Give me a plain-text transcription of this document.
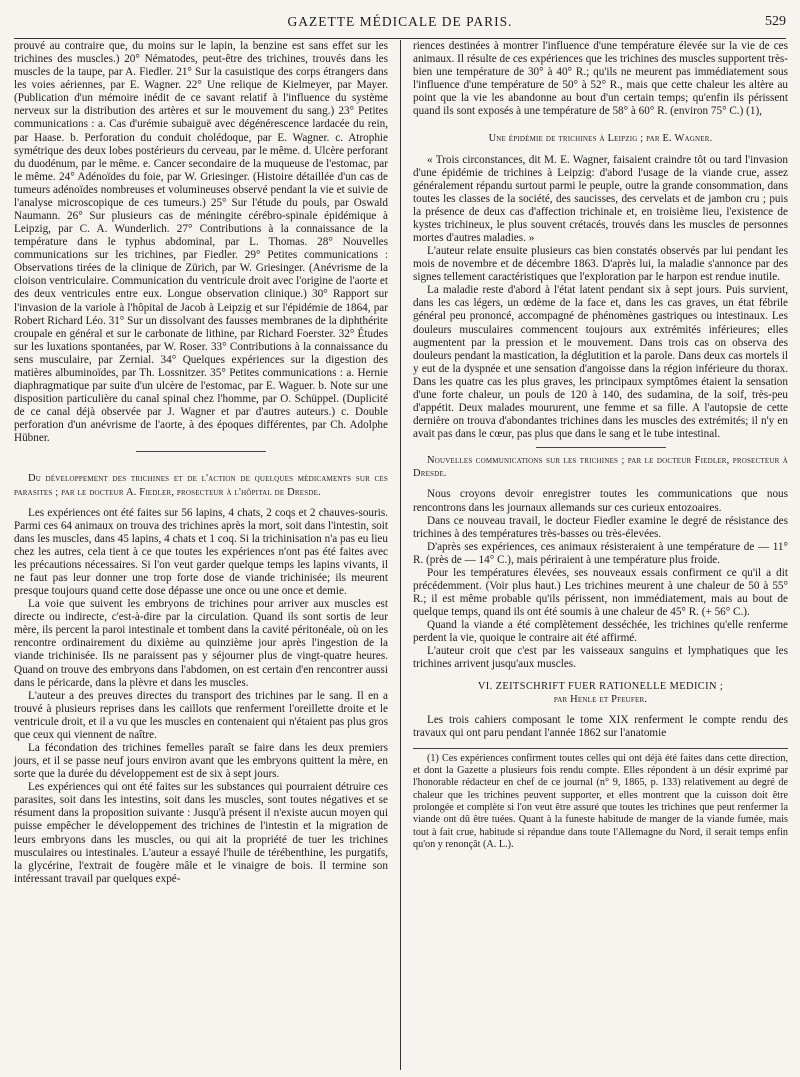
GAZETTE MÉDICALE DE PARIS.	529

prouvé au contraire que, du moins sur le lapin, la benzine est sans effet sur les trichines des muscles.) 20° Nématodes, peut-être des trichines, trouvés dans les muscles de la taupe, par A. Fiedler. 21° Sur la casuistique des corps étrangers dans les voies aériennes, par E. Wagner. 22° Une relique de Kielmeyer, par Mayer. (Publication d'un mémoire inédit de ce savant relatif à l'influence du système nerveux sur la distribution des artères et sur le mouvement du sang.) 23° Petites communications : a. Cas d'urémie subaiguë avec dégénérescence lardacée du rein, par Haase. b. Perforation du conduit cholédoque, par E. Wagner. c. Atrophie symétrique des deux lobes postérieurs du cerveau, par le même. d. Ulcère perforant du duodénum, par le même. e. Cancer secondaire de la muqueuse de l'estomac, par le même. 24° Adénoïdes du foie, par W. Griesinger. (Histoire détaillée d'un cas de tumeurs adénoïdes nombreuses et volumineuses observé pendant la vie et suivie de l'analyse microscopique de ces tumeurs.) 25° Sur l'étude du pouls, par Oswald Naumann. 26° Sur plusieurs cas de méningite cérébro-spinale épidémique à Leipzig, par C. A. Wunderlich. 27° Contributions à la connaissance de la température dans le typhus abdominal, par L. Thomas. 28° Nouvelles communications sur les trichines, par Fiedler. 29° Petites communications : Observations tirées de la clinique de Zürich, par W. Griesinger. (Anévrisme de la cloison ventriculaire. Communication du ventricule droit avec l'origine de l'aorte et des deux ventricules entre eux. Longue observation clinique.) 30° Rapport sur l'invasion de la variole à l'hôpital de Jacob à Leipzig et sur l'épidémie de 1864, par Robert Richard Léo. 31° Sur un dissolvant des fausses membranes de la diphthérite croupale en général et sur le carbonate de lithine, par Richard Foerster. 32° Études sur les luxations spontanées, par W. Roser. 33° Contributions à la connaissance du sens musculaire, par Zernial. 34° Quelques expériences sur la digestion des matières albuminoïdes, par Th. Lossnitzer. 35° Petites communications : a. Hernie diaphragmatique par suite d'un ulcère de l'estomac, par E. Waguer. b. Note sur une disposition particulière du canal spinal chez l'homme, par O. Schüppel. (Duplicité de ce canal déjà observée par J. Wagner et par d'autres auteurs.) c. Double perforation d'un anévrisme de l'aorte, à des époques différentes, par Ch. Adolphe Hübner.

Du développement des trichines et de l'action de quelques médicaments sur ces parasites ; par le docteur A. Fiedler, prosecteur à l'hôpital de Dresde.

Les expériences ont été faites sur 56 lapins, 4 chats, 2 coqs et 2 chauves-souris. Parmi ces 64 animaux on trouva des trichines après la mort, soit dans l'intestin, soit dans les muscles, dans 45 lapins, 4 chats et 1 coq. Si la trichinisation n'a pas eu lieu chez les autres, cela tient à ce que toutes les expériences n'ont pas été faites avec les précautions nécessaires. Si l'on veut garder quelque temps les lapins vivants, il ne faut pas leur donner une trop forte dose de viande trichinisée; ils meurent presque toujours quand cette dose dépasse une once ou une once et demie.

La voie que suivent les embryons de trichines pour arriver aux muscles est directe ou indirecte, c'est-à-dire par la circulation. Quand ils sont sortis de leur mère, ils percent la paroi intestinale et tombent dans la cavité péritonéale, où on les rencontre ordinairement du dixième au quinzième jour après l'ingestion de la viande trichinisée. Ils ne paraissent pas y séjourner plus de vingt-quatre heures. Quand on trouve des embryons dans l'abdomen, on est certain d'en rencontrer aussi dans le péricarde, dans la plèvre et dans les muscles.

L'auteur a des preuves directes du transport des trichines par le sang. Il en a trouvé à plusieurs reprises dans les caillots que renferment l'oreillette droite et le ventricule droit, et il a vu que les muscles en contenaient qui n'étaient pas plus gros que ceux qui viennent de naître.

La fécondation des trichines femelles paraît se faire dans les deux premiers jours, et il se passe neuf jours environ avant que les embryons quittent la mère, en sorte que la durée du développement est de six à sept jours.

Les expériences qui ont été faites sur les substances qui pourraient détruire ces parasites, soit dans les intestins, soit dans les muscles, sont toutes négatives et se résument dans la proposition suivante : Jusqu'à présent il n'existe aucun moyen qui puisse empêcher le développement des trichines de l'intestin et la migration de leurs embryons dans les muscles, ou qui ait la propriété de tuer les trichines musculaires ou intestinales. L'auteur a essayé l'huile de térébenthine, les purgatifs, la glycérine, l'extrait de fougère mâle et le vinaigre de bois. Il termine son intéressant travail par quelques expé-

riences destinées à montrer l'influence d'une température élevée sur la vie de ces animaux. Il résulte de ces expériences que les trichines des muscles supportent très-bien une température de 30° à 40° R.; qu'ils ne meurent pas immédiatement sous l'influence d'une température de 50° à 52° R., mais que cette chaleur les altère au point que la vie les abandonne au bout d'un certain temps; qu'enfin ils périssent quand ils sont exposés à une température de 58° à 60° R. (environ 75° C.) (1),

Une épidémie de trichines à Leipzig ; par E. Wagner.

« Trois circonstances, dit M. E. Wagner, faisaient craindre tôt ou tard l'invasion d'une épidémie de trichines à Leipzig: d'abord l'usage de la viande crue, assez généralement répandu surtout parmi le peuple, outre la grande consommation, dans toutes les classes de la société, des saucisses, des cervelats et de jambon cru ; puis la présence de deux cas d'affection trichinale et, en troisième lieu, l'existence de kystes trichineux, le plus souvent crétacés, trouvés dans les muscles de personnes mortes d'autres maladies. »

L'auteur relate ensuite plusieurs cas bien constatés observés par lui pendant les mois de novembre et de décembre 1863. D'après lui, la maladie s'annonce par des signes tellement caractéristiques que l'exploration par le harpon est rendue inutile.

La maladie reste d'abord à l'état latent pendant six à sept jours. Puis survient, dans les cas légers, un œdème de la face et, dans les cas graves, un état fébrile général peu prononcé, accompagné de phénomènes gastriques ou intestinaux. Les douleurs musculaires commencent toujours aux extrémités inférieures; elles augmentent par la pression et le mouvement. Dans trois cas on observa des douleurs pendant la mastication, la déglutition et la parole. Dans deux cas mortels il y eut de la dyspnée et une sensation d'angoisse dans la région inférieure du thorax. Dans les quatre cas les plus graves, les principaux symptômes étaient la sensation d'une forte chaleur, un pouls de 120 à 140, des sudamina, de la soif, très-peu d'appétit. Deux malades moururent, une femme et sa fille. A l'autopsie de cette dernière on trouva d'abondantes trichines dans les muscles des extrémités; il n'y en avait pas dans le cœur, pas plus que dans le sang et le tube intestinal.

Nouvelles communications sur les trichines ; par le docteur Fiedler, prosecteur à Dresde.

Nous croyons devoir enregistrer toutes les communications que nous rencontrons dans les journaux allemands sur ces curieux entozoaires.

Dans ce nouveau travail, le docteur Fiedler examine le degré de résistance des trichines à des températures très-basses ou très-élevées.

D'après ses expériences, ces animaux résisteraient à une température de — 11° R. (près de — 14° C.), mais périraient à une température plus froide.

Pour les températures élevées, ses nouveaux essais confirment ce qu'il a dit précédemment. (Voir plus haut.) Les trichines meurent à une chaleur de 50 à 55° R.; il est même probable qu'ils périssent, non immédiatement, mais au bout de quelque temps, quand ils ont été soumis à une chaleur de 45° R. (+ 56° C.).

Quand la viande a été complètement desséchée, les trichines qu'elle renferme perdent la vie, quoique le contraire ait été affirmé.

L'auteur croit que c'est par les vaisseaux sanguins et lymphatiques que les trichines arrivent jusqu'aux muscles.

VI. ZEITSCHRIFT FUER RATIONELLE MEDICIN ;

par Henle et Pfeufer.

Les trois cahiers composant le tome XIX renferment le compte rendu des travaux qui ont paru pendant l'année 1862 sur l'anatomie

(1) Ces expériences confirment toutes celles qui ont déjà été faites dans cette direction, et dont la Gazette a plusieurs fois rendu compte. Elles répondent à un désir exprimé par l'honorable rédacteur en chef de ce journal (n° 9, 1865, p. 133) relativement au degré de chaleur que les trichines peuvent supporter, et elles montrent que la cuisson doit être prolongée et complète si l'on veut être assuré que toutes les trichines que peut renfermer la viande ont dû être tuées. Quant à la funeste habitude de manger de la viande fumée, mais tout à fait crue, habitude si répandue dans toute l'Allemagne du Nord, il serait temps enfin qu'on y renonçât (A. L.).
